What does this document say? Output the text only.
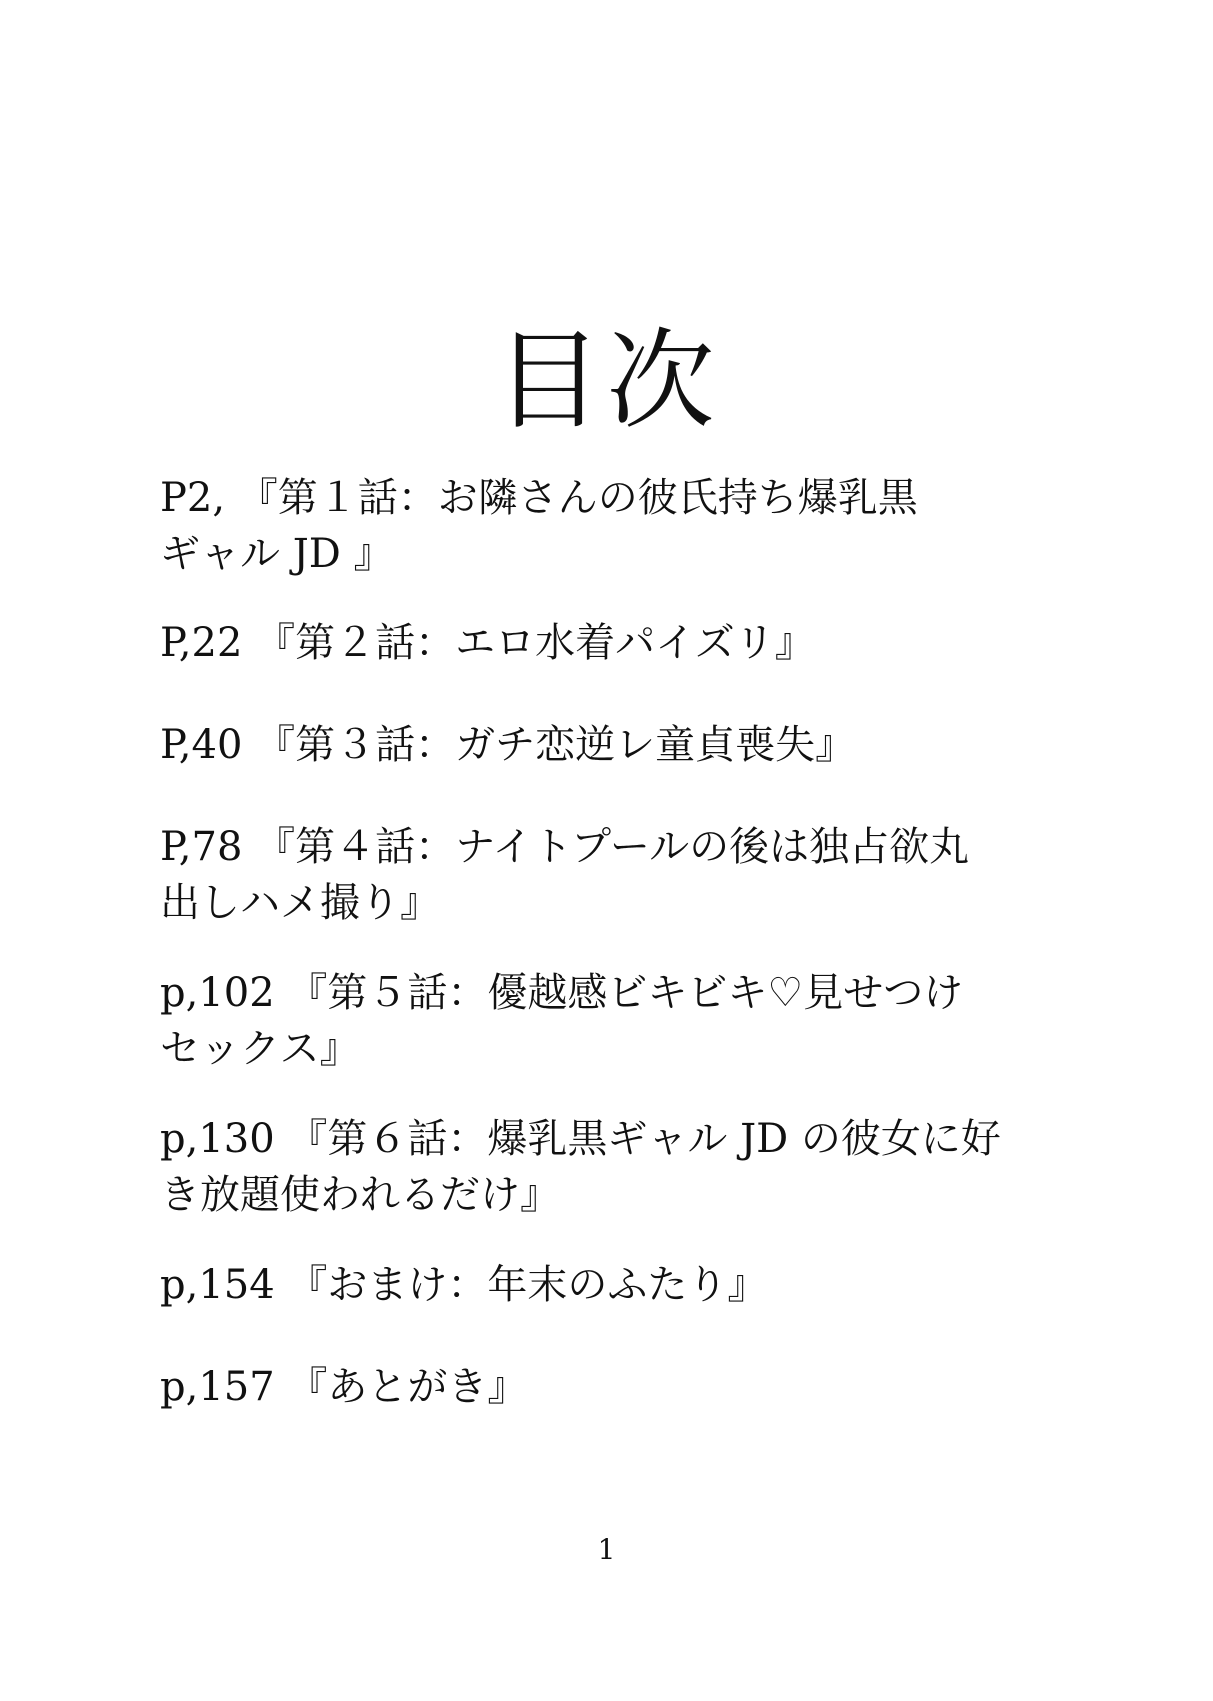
目次
P2, 『第１話：お隣さんの彼氏持ち爆乳黒
ギャル JD 』
P,22 『第２話：エロ水着パイズリ』
P,40 『第３話：ガチ恋逆レ童貞喪失』
P,78 『第４話：ナイトプールの後は独占欲丸
出しハメ撮り』
p,102 『第５話：優越感ビキビキ♡見せつけ
セックス』
p,130 『第６話：爆乳黒ギャル JD の彼女に好
き放題使われるだけ』
p,154 『おまけ：年末のふたり』
p,157 『あとがき』
1
